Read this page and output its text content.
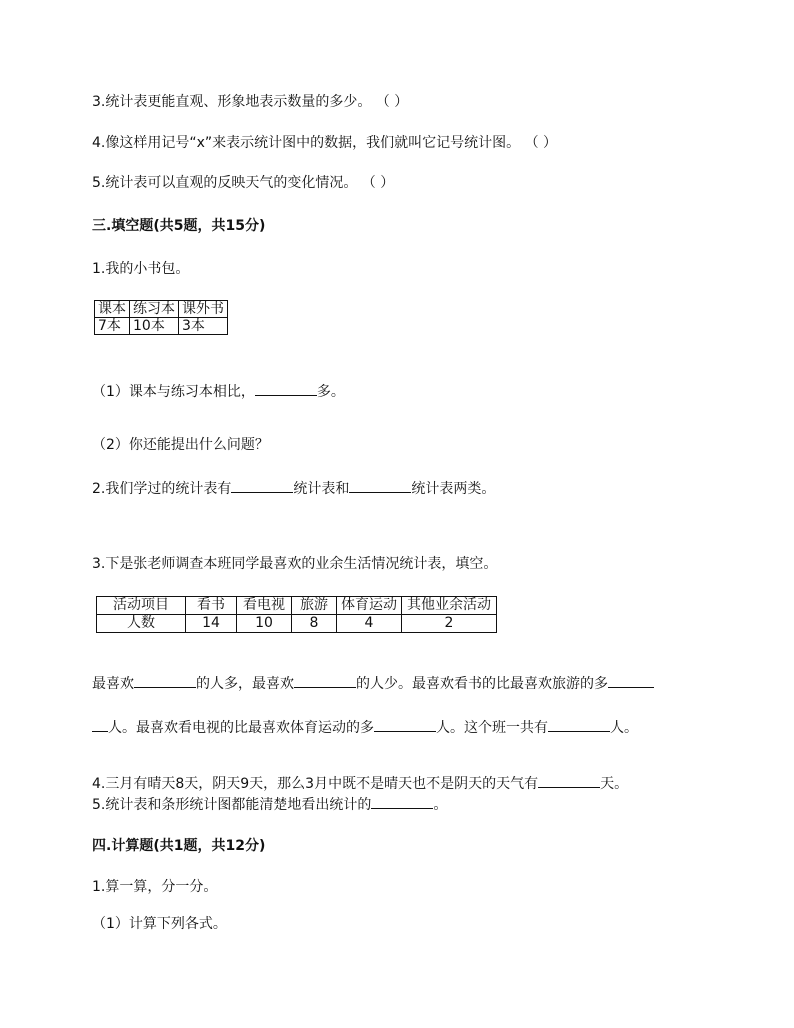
3.统计表更能直观、形象地表示数量的多少。 （ ）
4.像这样用记号“x”来表示统计图中的数据，我们就叫它记号统计图。 （ ）
5.统计表可以直观的反映天气的变化情况。 （ ）
三.填空题(共5题，共15分)
1.我的小书包。
课本	练习本	课外书
7本	10本	3本
（1）课本与练习本相比，	多。
（2）你还能提出什么问题？
2.我们学过的统计表有	统计表和	统计表两类。
3.下是张老师调查本班同学最喜欢的业余生活情况统计表，填空。
活动项目	看书	看电视	旅游	体育运动	其他业余活动
人数	14	10	8	4	2
最喜欢	的人多，最喜欢	的人少。最喜欢看书的比最喜欢旅游的多
人。最喜欢看电视的比最喜欢体育运动的多	人。这个班一共有	人。
4.三月有晴天8天，阴天9天，那么3月中既不是晴天也不是阴天的天气有	天。
5.统计表和条形统计图都能清楚地看出统计的	。
四.计算题(共1题，共12分)
1.算一算，分一分。
（1）计算下列各式。
